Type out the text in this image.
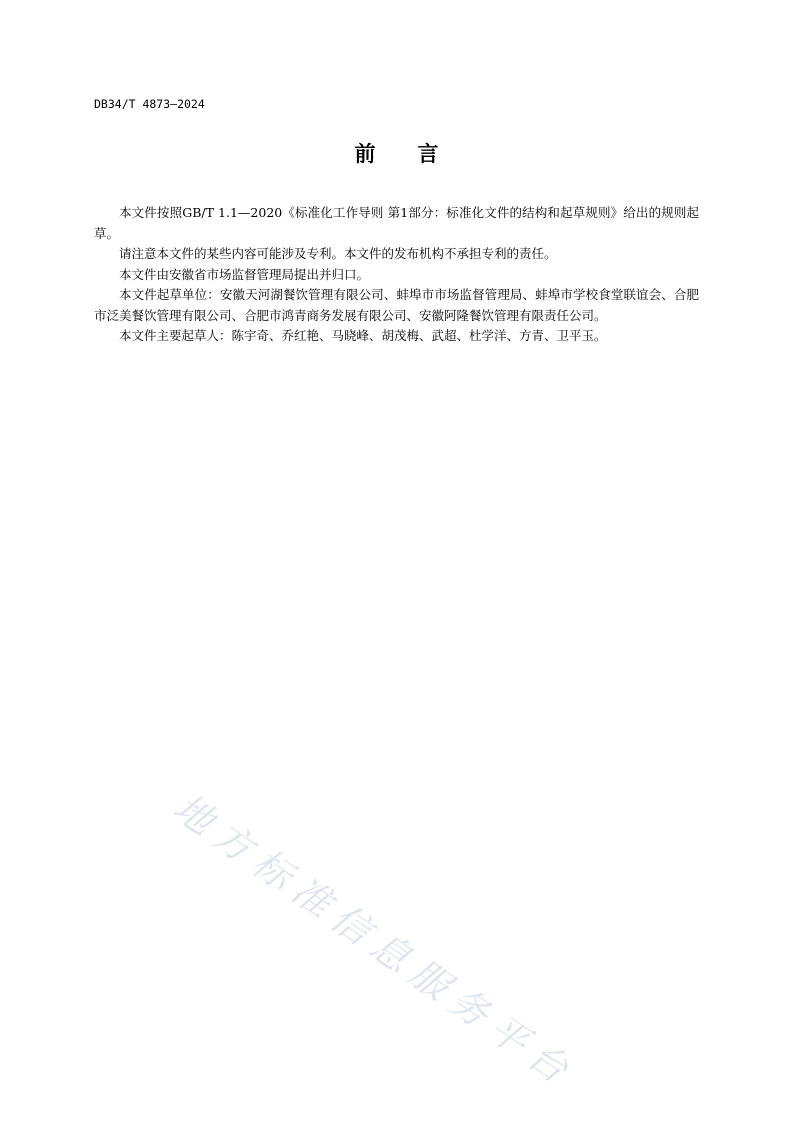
DB34/T 4873—2024
前 言

本文件按照GB/T 1.1—2020《标准化工作导则 第1部分：标准化文件的结构和起草规则》给出的规则起草。

请注意本文件的某些内容可能涉及专利。本文件的发布机构不承担专利的责任。

本文件由安徽省市场监督管理局提出并归口。

本文件起草单位：安徽天河湖餐饮管理有限公司、蚌埠市市场监督管理局、蚌埠市学校食堂联谊会、合肥市泛美餐饮管理有限公司、合肥市鸿青商务发展有限公司、安徽阿隆餐饮管理有限责任公司。

本文件主要起草人：陈宇奇、乔红艳、马晓峰、胡茂梅、武超、杜学洋、方青、卫平玉。

地方标准信息服务平台
